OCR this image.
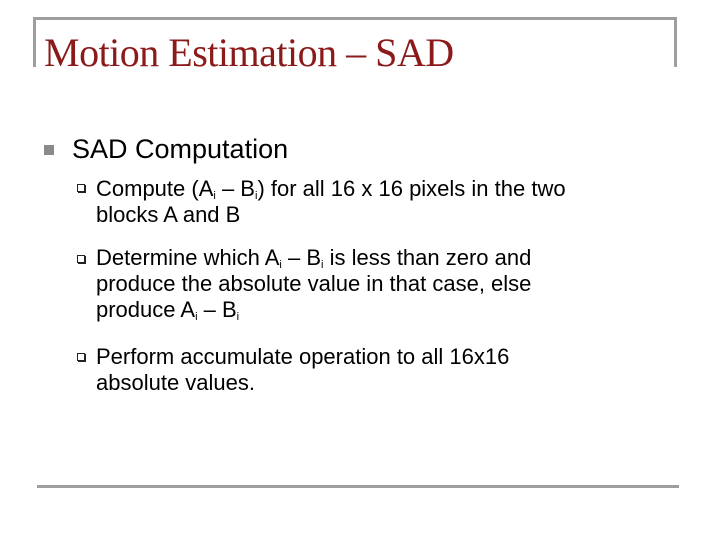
Motion Estimation – SAD
SAD Computation
Compute $(A_i - B_i)$ for all 16 x 16 pixels in the two
blocks A and B
Determine which $A_i - B_i$ is less than zero and
produce the absolute value in that case, else
produce $A_i - B_i$
Perform accumulate operation to all 16x16
absolute values.
